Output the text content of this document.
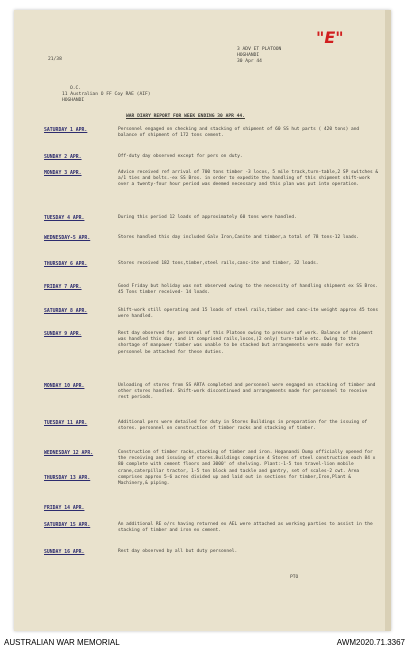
21/38
3 ADV ET PLATOON
HOGHANDI
30 Apr 44
"E"
O.C.
11 Australian O FF Coy RAE (AIF)
HOGHANDI
WAR DIARY REPORT FOR WEEK ENDING 30 APR 44.
SATURDAY 1 APR.	Personnel engaged on checking and stacking of shipment of 60 SS hut parts ( 420 tons) and balance of shipment of 172 tons cement.
SUNDAY 2 APR.	Off-duty day observed except for pers on duty.
MONDAY 3 APR.	Advice received ref arrival of 700 tons timber -3 locos, 5 mile track,turn-table,2 SP switches & a/1 ties and bolts.-ex SS Bros. in order to expedite the handling of this shipment shift-work over a twenty-four hour period was deemed necessary and this plan was put into operation.
TUESDAY 4 APR.	During this period 12 loads of approximately 60 tons were handled.
WEDNESDAY-5 APR.	Stores handled this day included Galv Iron,Canite and timber,a total of 78 tons-12 loads.
THURSDAY 6 APR.	Stores received 182 tons,timber,steel rails,canc-ite and timber, 32 loads.
FRIDAY 7 APR.	Good Friday but holiday was not observed owing to the necessity of handling shipment ex SS Bros. 45 Tons timber received- 14 loads.
SATURDAY 8 APR.	Shift-work still operating and 15 loads of steel rails,timber and canc-ite weight approx 45 tons were handled.
SUNDAY 9 APR.	Rest day observed for personnel of this Platoon owing to pressure of work. Balance of shipment was handled this day, and it comprised rails,locos,(2 only) turn-table etc. Owing to the shortage of manpower timber was unable to be stacked but arrangements were made for extra personnel be attached for these duties.
MONDAY 10 APR.	Unloading of stores from SS ARTA completed and personnel were engaged on stacking of timber and other stores handled. Shift-work discontinued and arrangements made for personnel to receive rest periods.
TUESDAY 11 APR.	Additional pers were detailed for duty in Stores Buildings in preparation for the issuing of stores. personnel on construction of timber racks and stacking of timber.
WEDNESDAY 12 APR.	Construction of timber racks,stacking of timber and iron. Hoganandi Dump officially opened for the receiving and issuing of stores.Buildings comprise 4 Stores of steel construction each 84 x 80 complete with cement floors and 3000' of shelving. Plant:-1-5 ton travel-lion mobile crane,caterpillar tractor, 1-5 ton block and tackle and gantry, set of scales-2 cwt. Area comprises approx 5-6 acres divided up and laid out in sections for timber,Iron,Plant & Machinery,& piping.
THURSDAY 13 APR.
FRIDAY 14 APR.
SATURDAY 15 APR.	An additional RE o/rs having returned ex AEL were attached as working parties to assist in the stacking of timber and iron ex cement.
SUNDAY 16 APR.	Rest day observed by all but duty personnel.
PTO
AUSTRALIAN WAR MEMORIAL	AWM2020.71.3367
